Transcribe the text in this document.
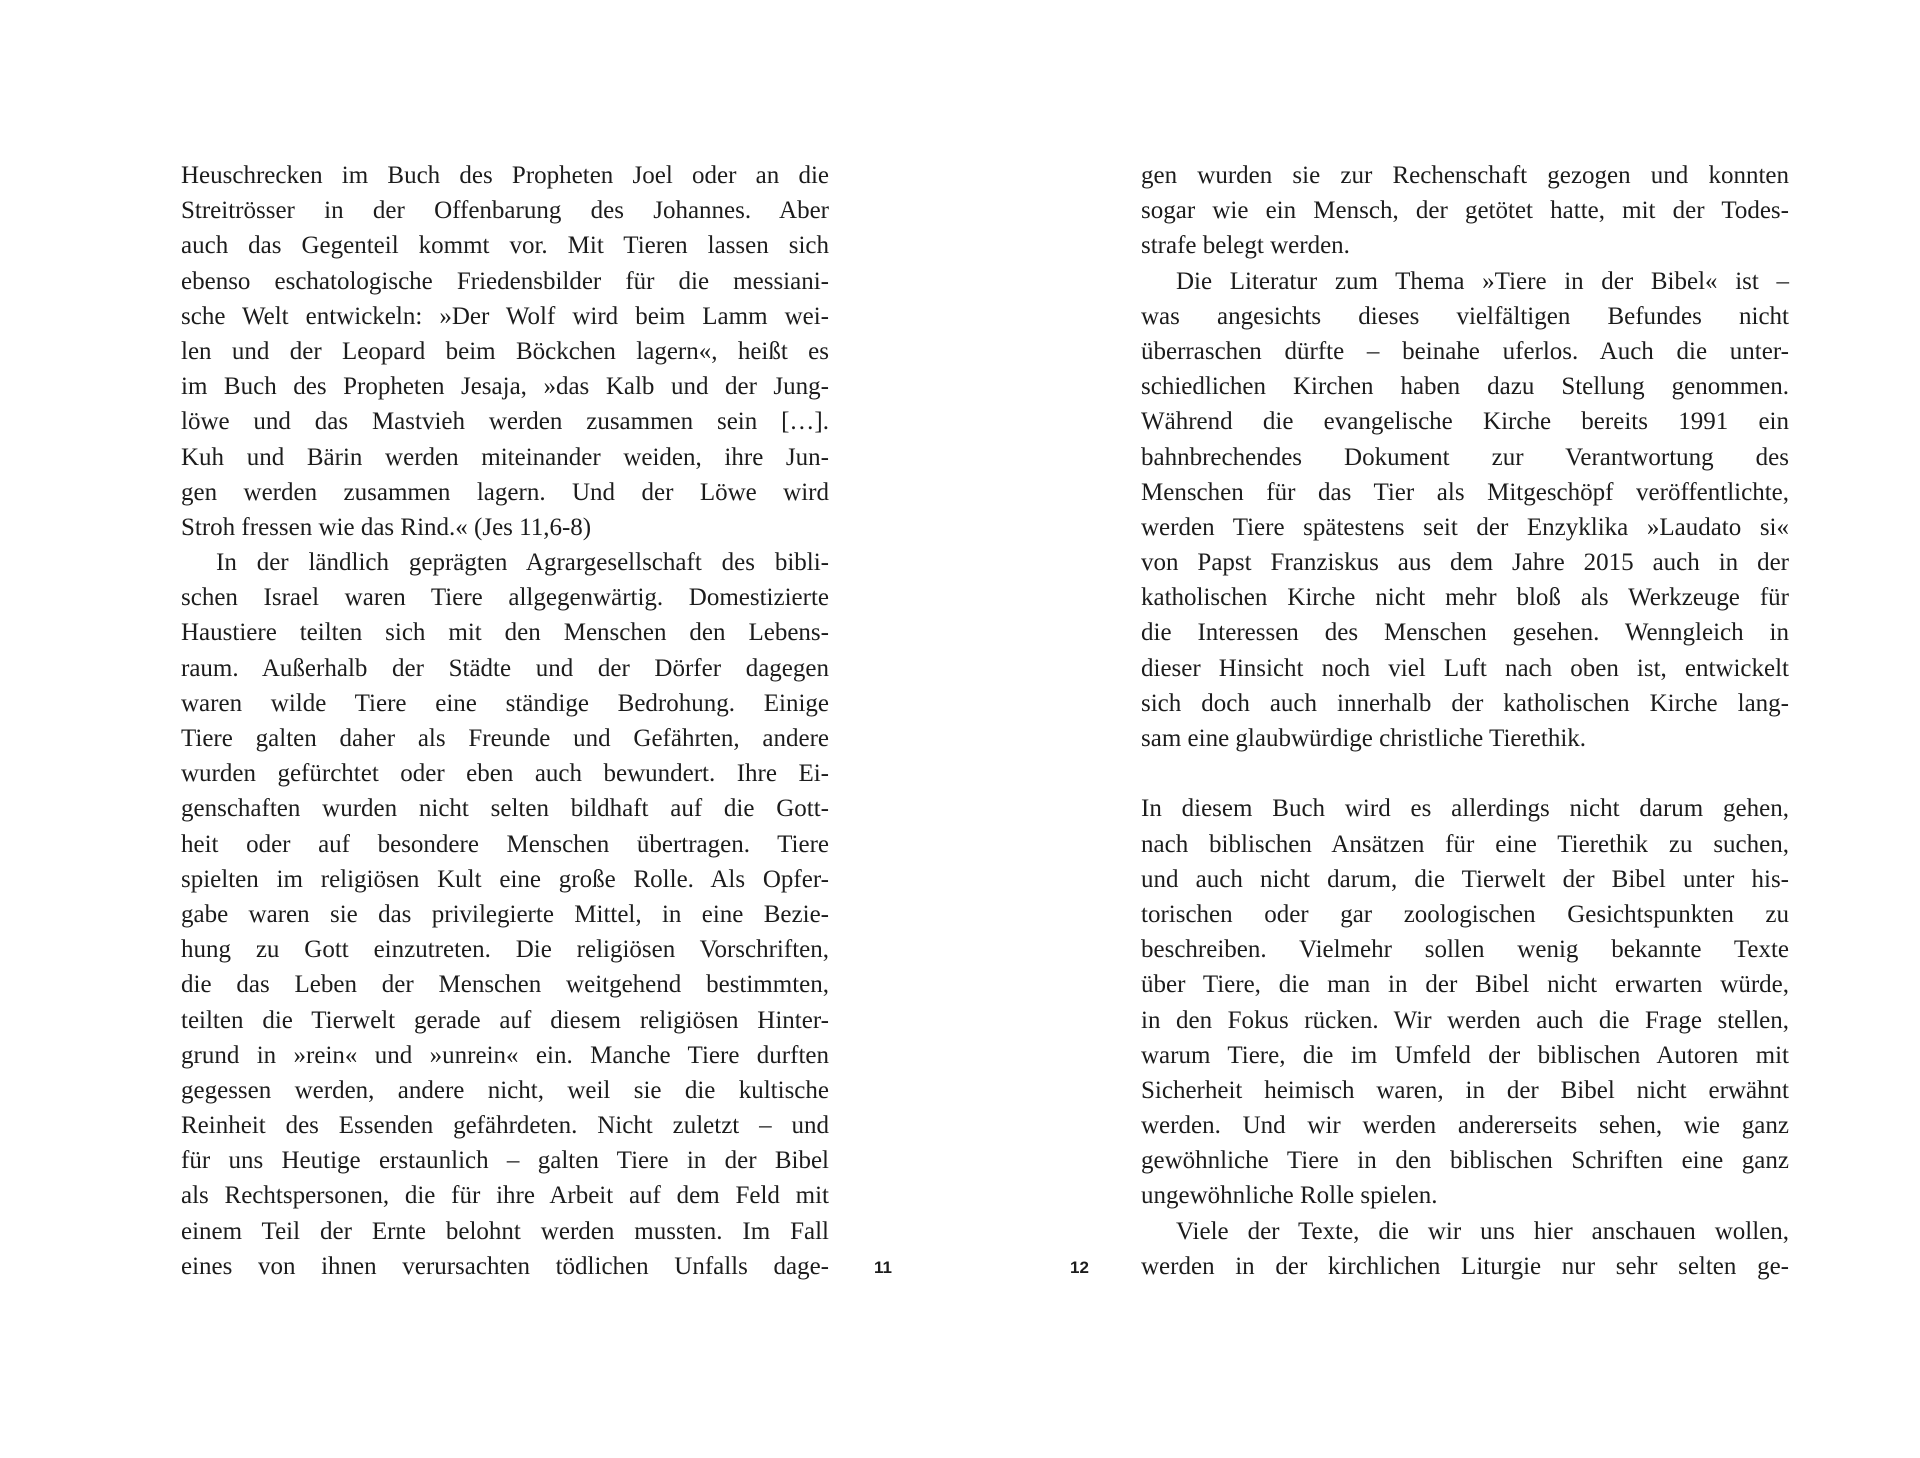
Heuschrecken im Buch des Propheten Joel oder an die
Streitrösser in der Offenbarung des Johannes. Aber
auch das Gegenteil kommt vor. Mit Tieren lassen sich
ebenso eschatologische Friedensbilder für die messiani-
sche Welt entwickeln: »Der Wolf wird beim Lamm wei-
len und der Leopard beim Böckchen lagern«, heißt es
im Buch des Propheten Jesaja, »das Kalb und der Jung-
löwe und das Mastvieh werden zusammen sein […].
Kuh und Bärin werden miteinander weiden, ihre Jun-
gen werden zusammen lagern. Und der Löwe wird
Stroh fressen wie das Rind.« (Jes 11,6-8)
In der ländlich geprägten Agrargesellschaft des bibli-
schen Israel waren Tiere allgegenwärtig. Domestizierte
Haustiere teilten sich mit den Menschen den Lebens-
raum. Außerhalb der Städte und der Dörfer dagegen
waren wilde Tiere eine ständige Bedrohung. Einige
Tiere galten daher als Freunde und Gefährten, andere
wurden gefürchtet oder eben auch bewundert. Ihre Ei-
genschaften wurden nicht selten bildhaft auf die Gott-
heit oder auf besondere Menschen übertragen. Tiere
spielten im religiösen Kult eine große Rolle. Als Opfer-
gabe waren sie das privilegierte Mittel, in eine Bezie-
hung zu Gott einzutreten. Die religiösen Vorschriften,
die das Leben der Menschen weitgehend bestimmten,
teilten die Tierwelt gerade auf diesem religiösen Hinter-
grund in »rein« und »unrein« ein. Manche Tiere durften
gegessen werden, andere nicht, weil sie die kultische
Reinheit des Essenden gefährdeten. Nicht zuletzt – und
für uns Heutige erstaunlich – galten Tiere in der Bibel
als Rechtspersonen, die für ihre Arbeit auf dem Feld mit
einem Teil der Ernte belohnt werden mussten. Im Fall
eines von ihnen verursachten tödlichen Unfalls dage-
gen wurden sie zur Rechenschaft gezogen und konnten
sogar wie ein Mensch, der getötet hatte, mit der Todes-
strafe belegt werden.
Die Literatur zum Thema »Tiere in der Bibel« ist –
was angesichts dieses vielfältigen Befundes nicht
überraschen dürfte – beinahe uferlos. Auch die unter-
schiedlichen Kirchen haben dazu Stellung genommen.
Während die evangelische Kirche bereits 1991 ein
bahnbrechendes Dokument zur Verantwortung des
Menschen für das Tier als Mitgeschöpf veröffentlichte,
werden Tiere spätestens seit der Enzyklika »Laudato si«
von Papst Franziskus aus dem Jahre 2015 auch in der
katholischen Kirche nicht mehr bloß als Werkzeuge für
die Interessen des Menschen gesehen. Wenngleich in
dieser Hinsicht noch viel Luft nach oben ist, entwickelt
sich doch auch innerhalb der katholischen Kirche lang-
sam eine glaubwürdige christliche Tierethik.
In diesem Buch wird es allerdings nicht darum gehen,
nach biblischen Ansätzen für eine Tierethik zu suchen,
und auch nicht darum, die Tierwelt der Bibel unter his-
torischen oder gar zoologischen Gesichtspunkten zu
beschreiben. Vielmehr sollen wenig bekannte Texte
über Tiere, die man in der Bibel nicht erwarten würde,
in den Fokus rücken. Wir werden auch die Frage stellen,
warum Tiere, die im Umfeld der biblischen Autoren mit
Sicherheit heimisch waren, in der Bibel nicht erwähnt
werden. Und wir werden andererseits sehen, wie ganz
gewöhnliche Tiere in den biblischen Schriften eine ganz
ungewöhnliche Rolle spielen.
Viele der Texte, die wir uns hier anschauen wollen,
werden in der kirchlichen Liturgie nur sehr selten ge-
11	12
